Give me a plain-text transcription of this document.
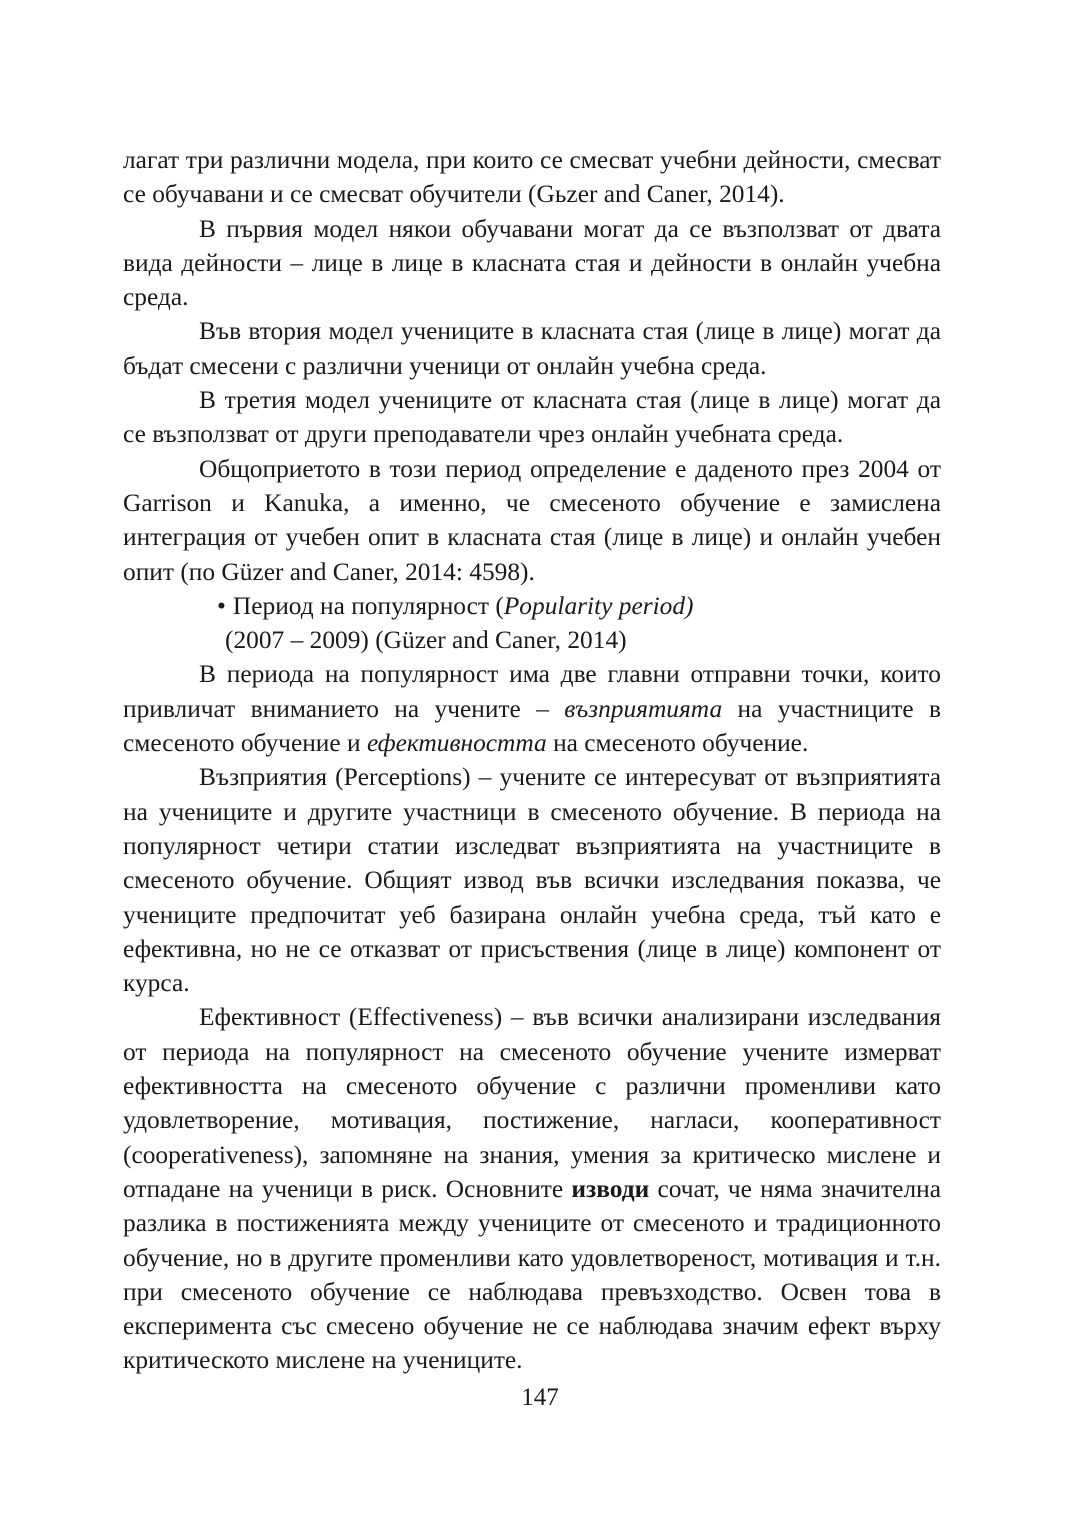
лагат три различни модела, при които се смесват учебни дейности, смесват се обучавани и се смесват обучители (Gьzer and Caner, 2014).

В първия модел някои обучавани могат да се възползват от двата вида дейности – лице в лице в класната стая и дейности в онлайн учебна среда.

Във втория модел учениците в класната стая (лице в лице) могат да бъдат смесени с различни ученици от онлайн учебна среда.

В третия модел учениците от класната стая (лице в лице) могат да се възползват от други преподаватели чрез онлайн учебната среда.

Общоприетото в този период определение е даденото през 2004 от Garrison и Kanuka, а именно, че смесеното обучение е замислена интеграция от учебен опит в класната стая (лице в лице) и онлайн учебен опит (по Güzer and Caner, 2014: 4598).

• Период на популярност (Popularity period)
(2007 – 2009) (Güzer and Caner, 2014)

В периода на популярност има две главни отправни точки, които привличат вниманието на учените – възприятията на участниците в смесеното обучение и ефективността на смесеното обучение.

Възприятия (Perceptions) – учените се интересуват от възприятията на учениците и другите участници в смесеното обучение. В периода на популярност четири статии изследват възприятията на участниците в смесеното обучение. Общият извод във всички изследвания показва, че учениците предпочитат уеб базирана онлайн учебна среда, тъй като е ефективна, но не се отказват от присъствения (лице в лице) компонент от курса.

Ефективност (Effectiveness) – във всички анализирани изследвания от периода на популярност на смесеното обучение учените измерват ефективността на смесеното обучение с различни променливи като удовлетворение, мотивация, постижение, нагласи, кооперативност (cooperativeness), запомняне на знания, умения за критическо мислене и отпадане на ученици в риск. Основните изводи сочат, че няма значителна разлика в постиженията между учениците от смесеното и традиционното обучение, но в другите променливи като удовлетвореност, мотивация и т.н. при смесеното обучение се наблюдава превъзходство. Освен това в експеримента със смесено обучение не се наблюдава значим ефект върху критическото мислене на учениците.

147
